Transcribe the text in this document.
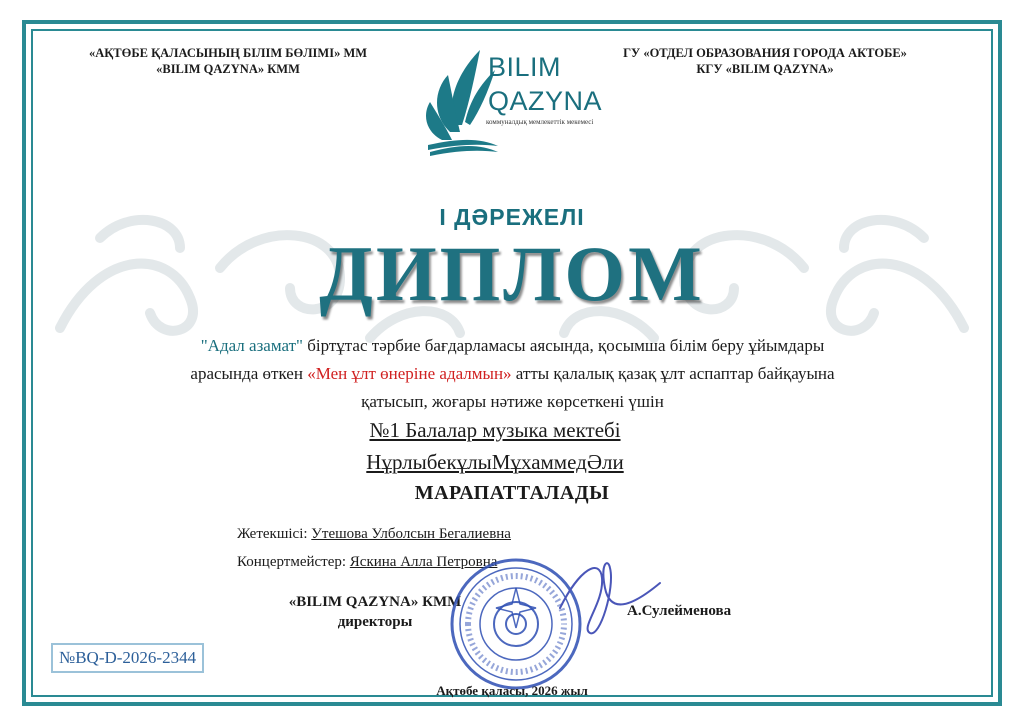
«АҚТӨБЕ ҚАЛАСЫНЫҢ БІЛІМ БӨЛІМІ» ММ
«BILIM QAZYNA» КММ
ГУ «ОТДЕЛ ОБРАЗОВАНИЯ ГОРОДА АКТОБЕ»
КГУ «BILIM QAZYNA»
BILIM
QAZYNA
коммуналдық мемлекеттік мекемесі
І ДӘРЕЖЕЛІ
ДИПЛОМ
"Адал азамат" біртұтас тәрбие бағдарламасы аясында, қосымша білім беру ұйымдары арасында өткен «Мен ұлт өнеріне адалмын» атты қалалық қазақ ұлт аспаптар байқауына қатысып, жоғары нәтиже көрсеткені үшін
№1 Балалар музыка мектебі
НұрлыбекұлыМұхаммедӘли
МАРАПАТТАЛАДЫ
Жетекшісі: Утешова Улболсын Бегалиевна
Концертмейстер: Яскина Алла Петровна
«BILIM QAZYNA» КММ
директоры
А.Сулейменова
№BQ-D-2026-2344
Ақтөбе қаласы, 2026 жыл
